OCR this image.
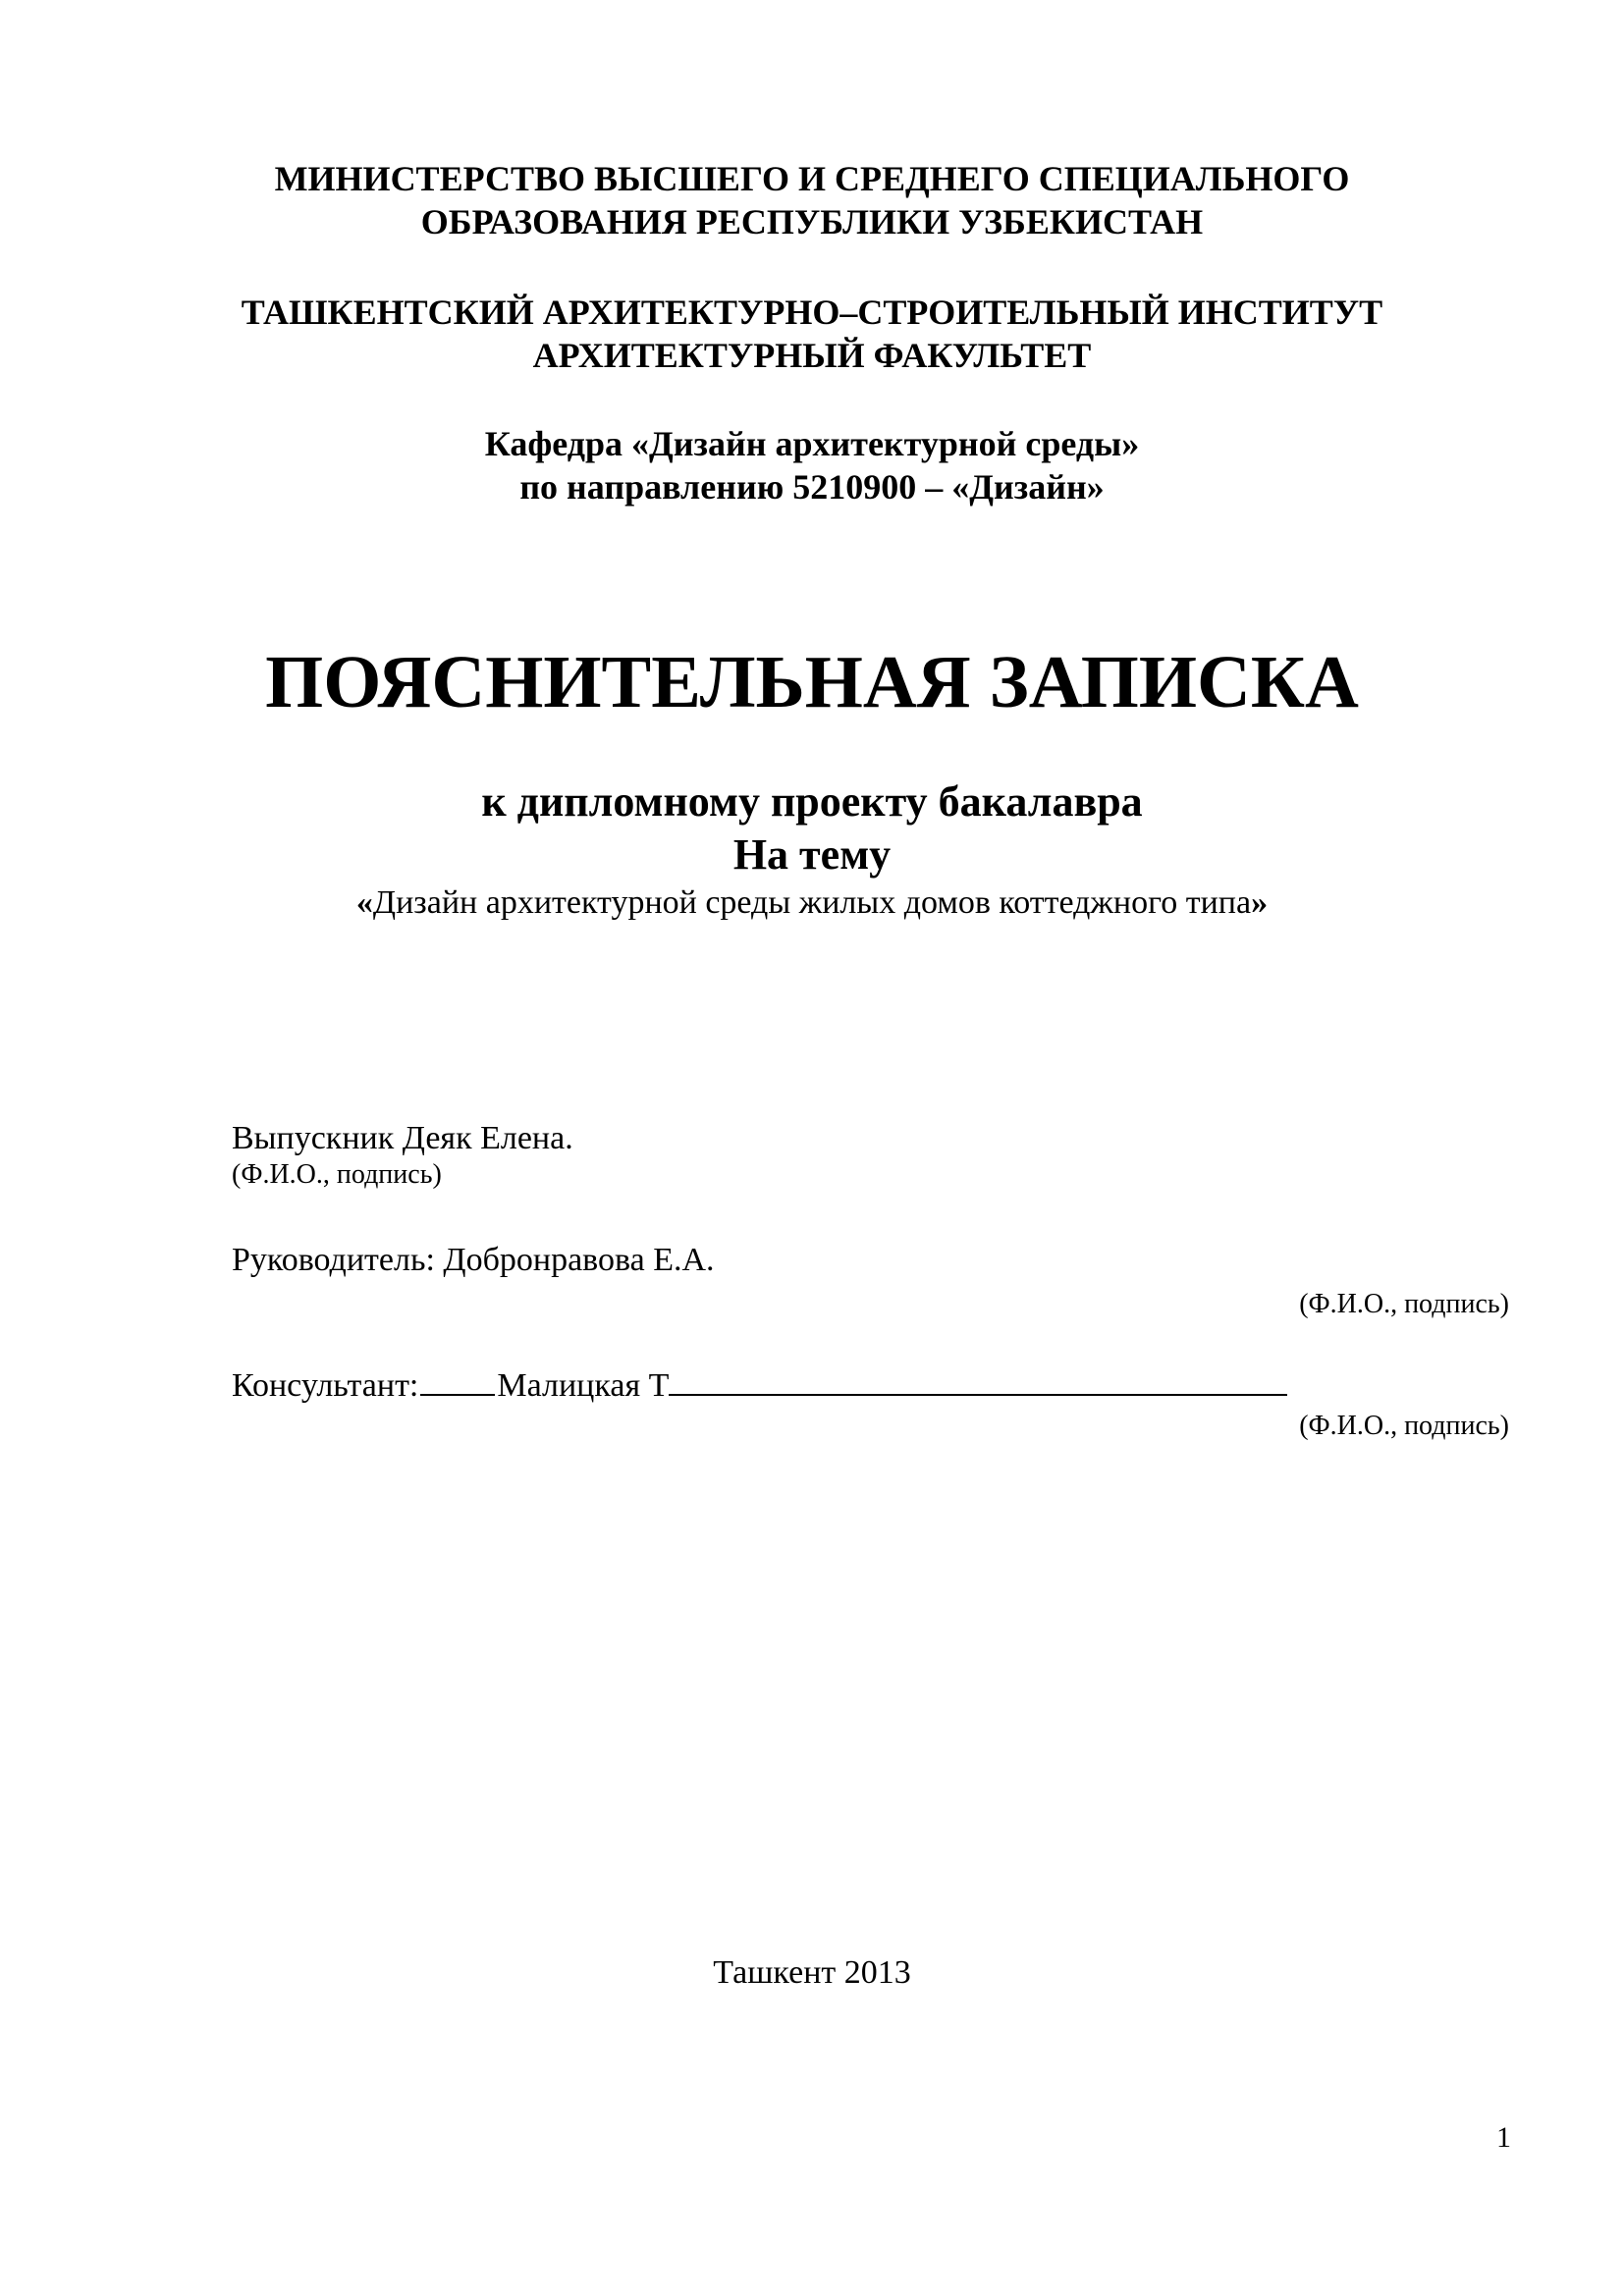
МИНИСТЕРСТВО ВЫСШЕГО И СРЕДНЕГО СПЕЦИАЛЬНОГО
ОБРАЗОВАНИЯ РЕСПУБЛИКИ УЗБЕКИСТАН
ТАШКЕНТСКИЙ АРХИТЕКТУРНО–СТРОИТЕЛЬНЫЙ ИНСТИТУТ
АРХИТЕКТУРНЫЙ ФАКУЛЬТЕТ
Кафедра «Дизайн архитектурной среды»
по направлению 5210900 – «Дизайн»
ПОЯСНИТЕЛЬНАЯ ЗАПИСКА
к дипломному проекту бакалавра
На тему
«Дизайн архитектурной среды жилых домов коттеджного типа»
Выпускник Деяк Елена.
(Ф.И.О., подпись)
Руководитель: Добронравова Е.А.
(Ф.И.О., подпись)
Консультант: Малицкая Т
(Ф.И.О., подпись)
Ташкент 2013
1
